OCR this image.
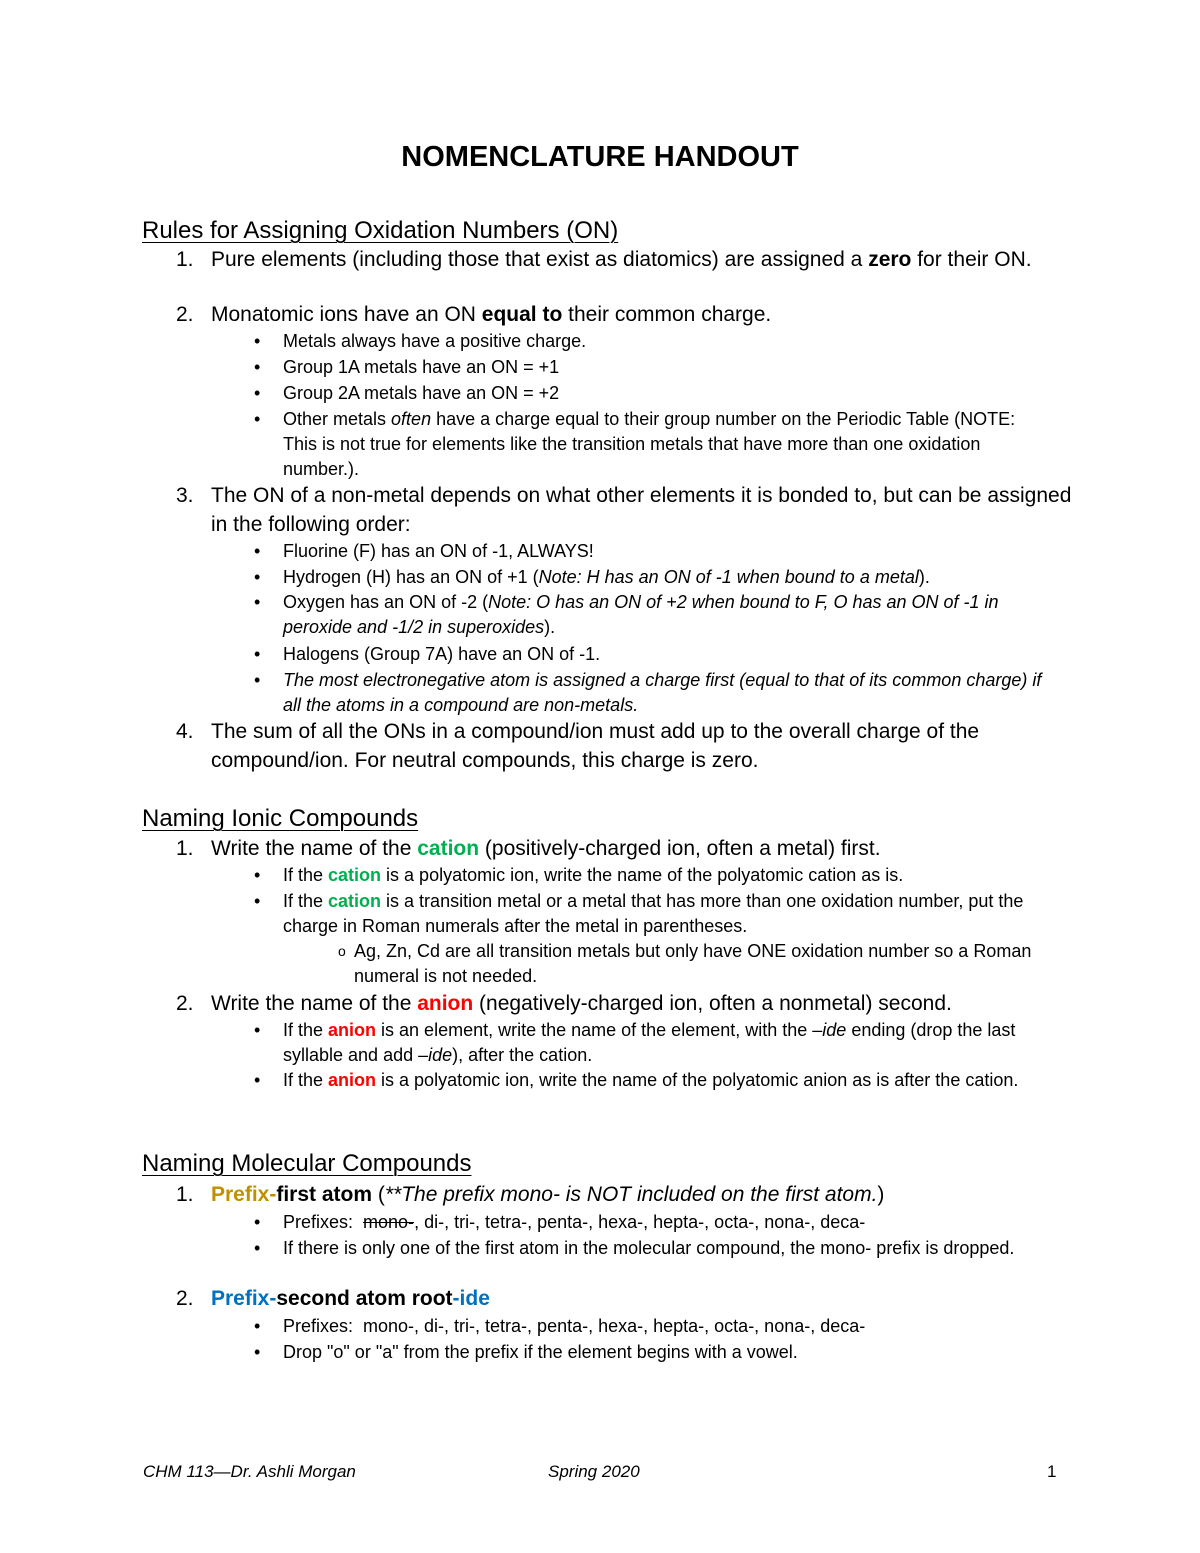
NOMENCLATURE HANDOUT
Rules for Assigning Oxidation Numbers (ON)
1. Pure elements (including those that exist as diatomics) are assigned a zero for their ON.
2. Monatomic ions have an ON equal to their common charge.
• Metals always have a positive charge.
• Group 1A metals have an ON = +1
• Group 2A metals have an ON = +2
• Other metals often have a charge equal to their group number on the Periodic Table (NOTE: This is not true for elements like the transition metals that have more than one oxidation number.).
3. The ON of a non-metal depends on what other elements it is bonded to, but can be assigned in the following order:
• Fluorine (F) has an ON of -1, ALWAYS!
• Hydrogen (H) has an ON of +1 (Note: H has an ON of -1 when bound to a metal).
• Oxygen has an ON of -2 (Note: O has an ON of +2 when bound to F, O has an ON of -1 in peroxide and -1/2 in superoxides).
• Halogens (Group 7A) have an ON of -1.
• The most electronegative atom is assigned a charge first (equal to that of its common charge) if all the atoms in a compound are non-metals.
4. The sum of all the ONs in a compound/ion must add up to the overall charge of the compound/ion. For neutral compounds, this charge is zero.
Naming Ionic Compounds
1. Write the name of the cation (positively-charged ion, often a metal) first.
• If the cation is a polyatomic ion, write the name of the polyatomic cation as is.
• If the cation is a transition metal or a metal that has more than one oxidation number, put the charge in Roman numerals after the metal in parentheses.
o Ag, Zn, Cd are all transition metals but only have ONE oxidation number so a Roman numeral is not needed.
2. Write the name of the anion (negatively-charged ion, often a nonmetal) second.
• If the anion is an element, write the name of the element, with the –ide ending (drop the last syllable and add –ide), after the cation.
• If the anion is a polyatomic ion, write the name of the polyatomic anion as is after the cation.
Naming Molecular Compounds
1. Prefix-first atom (**The prefix mono- is NOT included on the first atom.)
• Prefixes:  mono-, di-, tri-, tetra-, penta-, hexa-, hepta-, octa-, nona-, deca-
• If there is only one of the first atom in the molecular compound, the mono- prefix is dropped.
2. Prefix-second atom root-ide
• Prefixes:  mono-, di-, tri-, tetra-, penta-, hexa-, hepta-, octa-, nona-, deca-
• Drop "o" or "a" from the prefix if the element begins with a vowel.
CHM 113—Dr. Ashli Morgan	Spring 2020	1
